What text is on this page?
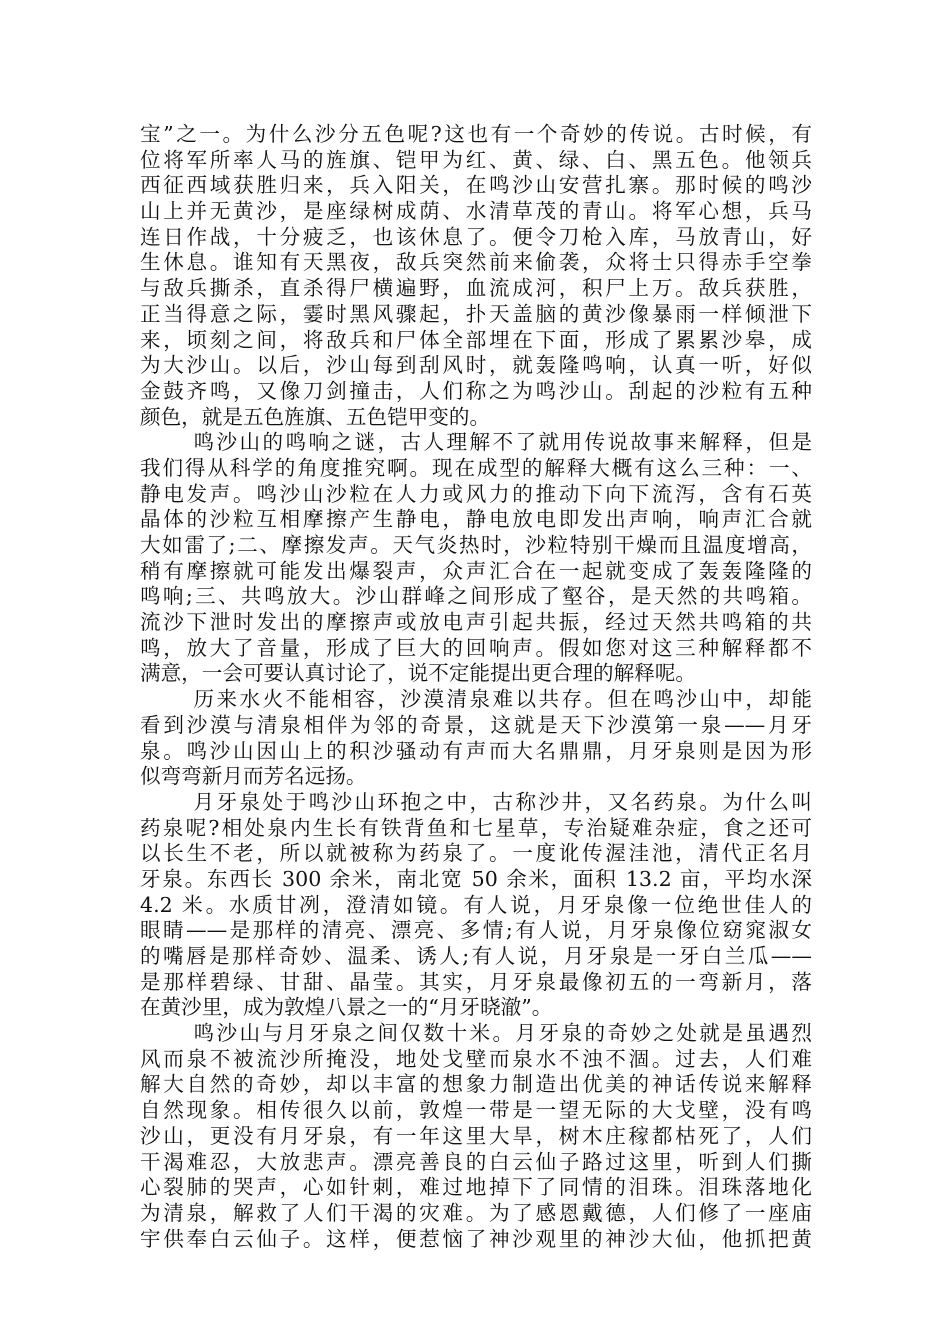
宝”之一。为什么沙分五色呢?这也有一个奇妙的传说。古时候，有
位将军所率人马的旌旗、铠甲为红、黄、绿、白、黑五色。他领兵
西征西域获胜归来，兵入阳关，在鸣沙山安营扎寨。那时候的鸣沙
山上并无黄沙，是座绿树成荫、水清草茂的青山。将军心想，兵马
连日作战，十分疲乏，也该休息了。便令刀枪入库，马放青山，好
生休息。谁知有天黑夜，敌兵突然前来偷袭，众将士只得赤手空拳
与敌兵撕杀，直杀得尸横遍野，血流成河，积尸上万。敌兵获胜，
正当得意之际，霎时黑风骤起，扑天盖脑的黄沙像暴雨一样倾泄下
来，顷刻之间，将敌兵和尸体全部埋在下面，形成了累累沙皋，成
为大沙山。以后，沙山每到刮风时，就轰隆鸣响，认真一听，好似
金鼓齐鸣，又像刀剑撞击，人们称之为鸣沙山。刮起的沙粒有五种
颜色，就是五色旌旗、五色铠甲变的。
鸣沙山的鸣响之谜，古人理解不了就用传说故事来解释，但是
我们得从科学的角度推究啊。现在成型的解释大概有这么三种：一、
静电发声。鸣沙山沙粒在人力或风力的推动下向下流泻，含有石英
晶体的沙粒互相摩擦产生静电，静电放电即发出声响，响声汇合就
大如雷了;二、摩擦发声。天气炎热时，沙粒特别干燥而且温度增高，
稍有摩擦就可能发出爆裂声，众声汇合在一起就变成了轰轰隆隆的
鸣响;三、共鸣放大。沙山群峰之间形成了壑谷，是天然的共鸣箱。
流沙下泄时发出的摩擦声或放电声引起共振，经过天然共鸣箱的共
鸣，放大了音量，形成了巨大的回响声。假如您对这三种解释都不
满意，一会可要认真讨论了，说不定能提出更合理的解释呢。
历来水火不能相容，沙漠清泉难以共存。但在鸣沙山中，却能
看到沙漠与清泉相伴为邻的奇景，这就是天下沙漠第一泉——月牙
泉。鸣沙山因山上的积沙骚动有声而大名鼎鼎，月牙泉则是因为形
似弯弯新月而芳名远扬。
月牙泉处于鸣沙山环抱之中，古称沙井，又名药泉。为什么叫
药泉呢?相处泉内生长有铁背鱼和七星草，专治疑难杂症，食之还可
以长生不老，所以就被称为药泉了。一度讹传渥洼池，清代正名月
牙泉。东西长 300 余米，南北宽 50 余米，面积 13.2 亩，平均水深
4.2 米。水质甘冽，澄清如镜。有人说，月牙泉像一位绝世佳人的
眼睛——是那样的清亮、漂亮、多情;有人说，月牙泉像位窈窕淑女
的嘴唇是那样奇妙、温柔、诱人;有人说，月牙泉是一牙白兰瓜——
是那样碧绿、甘甜、晶莹。其实，月牙泉最像初五的一弯新月，落
在黄沙里，成为敦煌八景之一的“月牙晓澈”。
鸣沙山与月牙泉之间仅数十米。月牙泉的奇妙之处就是虽遇烈
风而泉不被流沙所掩没，地处戈壁而泉水不浊不涸。过去，人们难
解大自然的奇妙，却以丰富的想象力制造出优美的神话传说来解释
自然现象。相传很久以前，敦煌一带是一望无际的大戈壁，没有鸣
沙山，更没有月牙泉，有一年这里大旱，树木庄稼都枯死了，人们
干渴难忍，大放悲声。漂亮善良的白云仙子路过这里，听到人们撕
心裂肺的哭声，心如针刺，难过地掉下了同情的泪珠。泪珠落地化
为清泉，解救了人们干渴的灾难。为了感恩戴德，人们修了一座庙
宇供奉白云仙子。这样，便惹恼了神沙观里的神沙大仙，他抓把黄
